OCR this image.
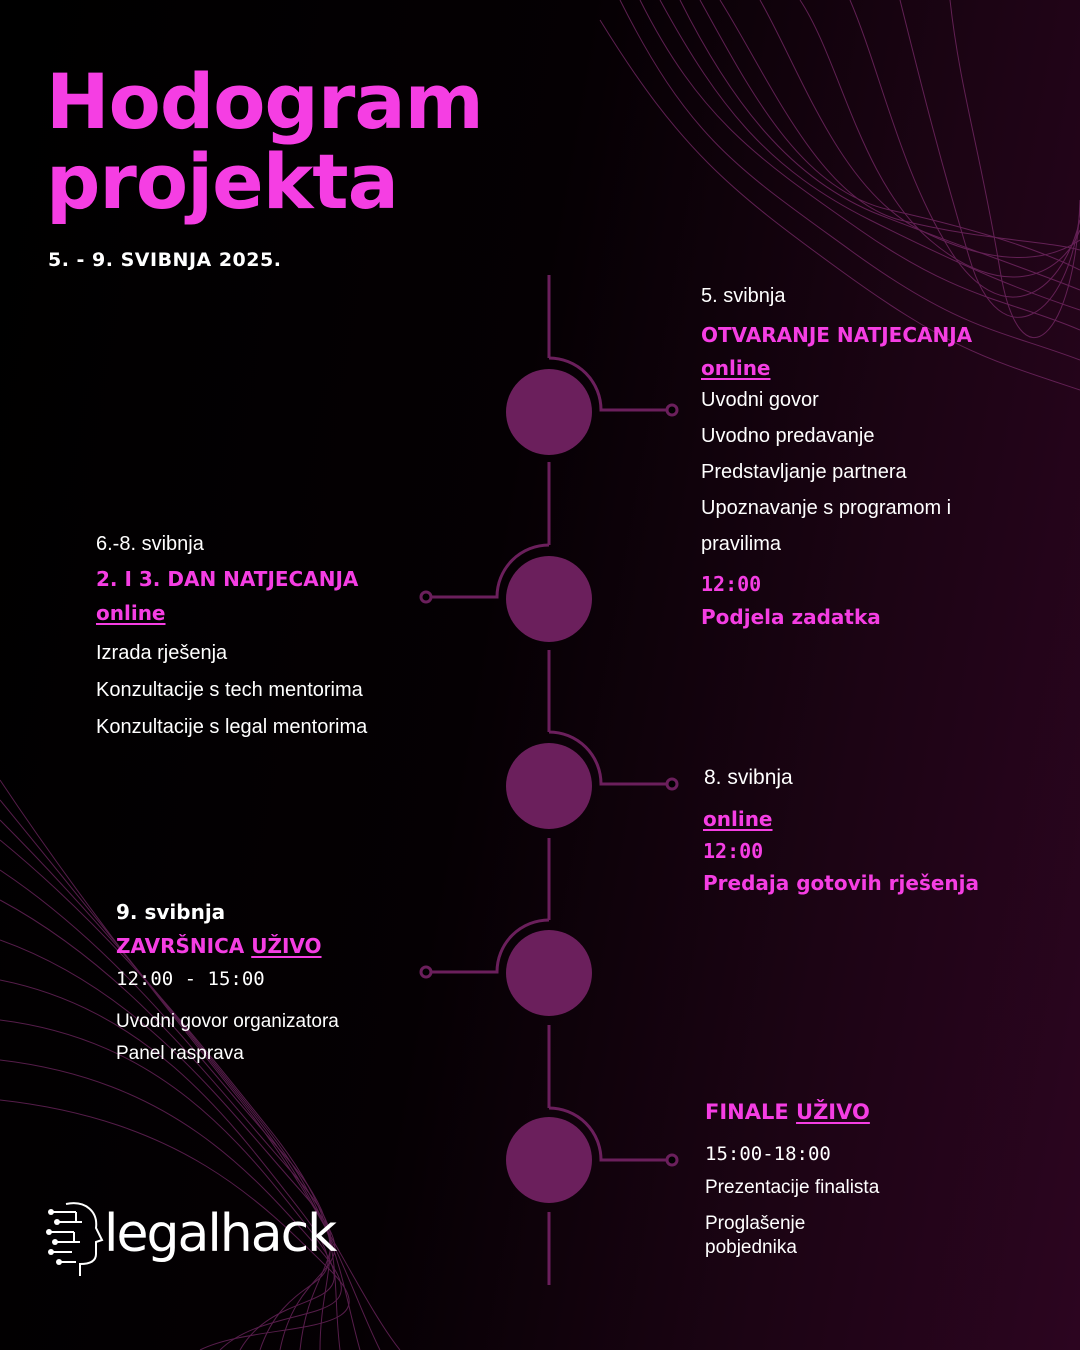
Hodogram
projekta
5. - 9. SVIBNJA 2025.
5. svibnja
OTVARANJE NATJECANJA
online
Uvodni govor
Uvodno predavanje
Predstavljanje partnera
Upoznavanje s programom i
pravilima
12:00
Podjela zadatka
6.-8. svibnja
2. I 3. DAN NATJECANJA
online
Izrada rješenja
Konzultacije s tech mentorima
Konzultacije s legal mentorima
8. svibnja
online
12:00
Predaja gotovih rješenja
9. svibnja
ZAVRŠNICA UŽIVO
12:00 - 15:00
Uvodni govor organizatora
Panel rasprava
FINALE UŽIVO
15:00-18:00
Prezentacije finalista
Proglašenje
pobjednika
legalhack
